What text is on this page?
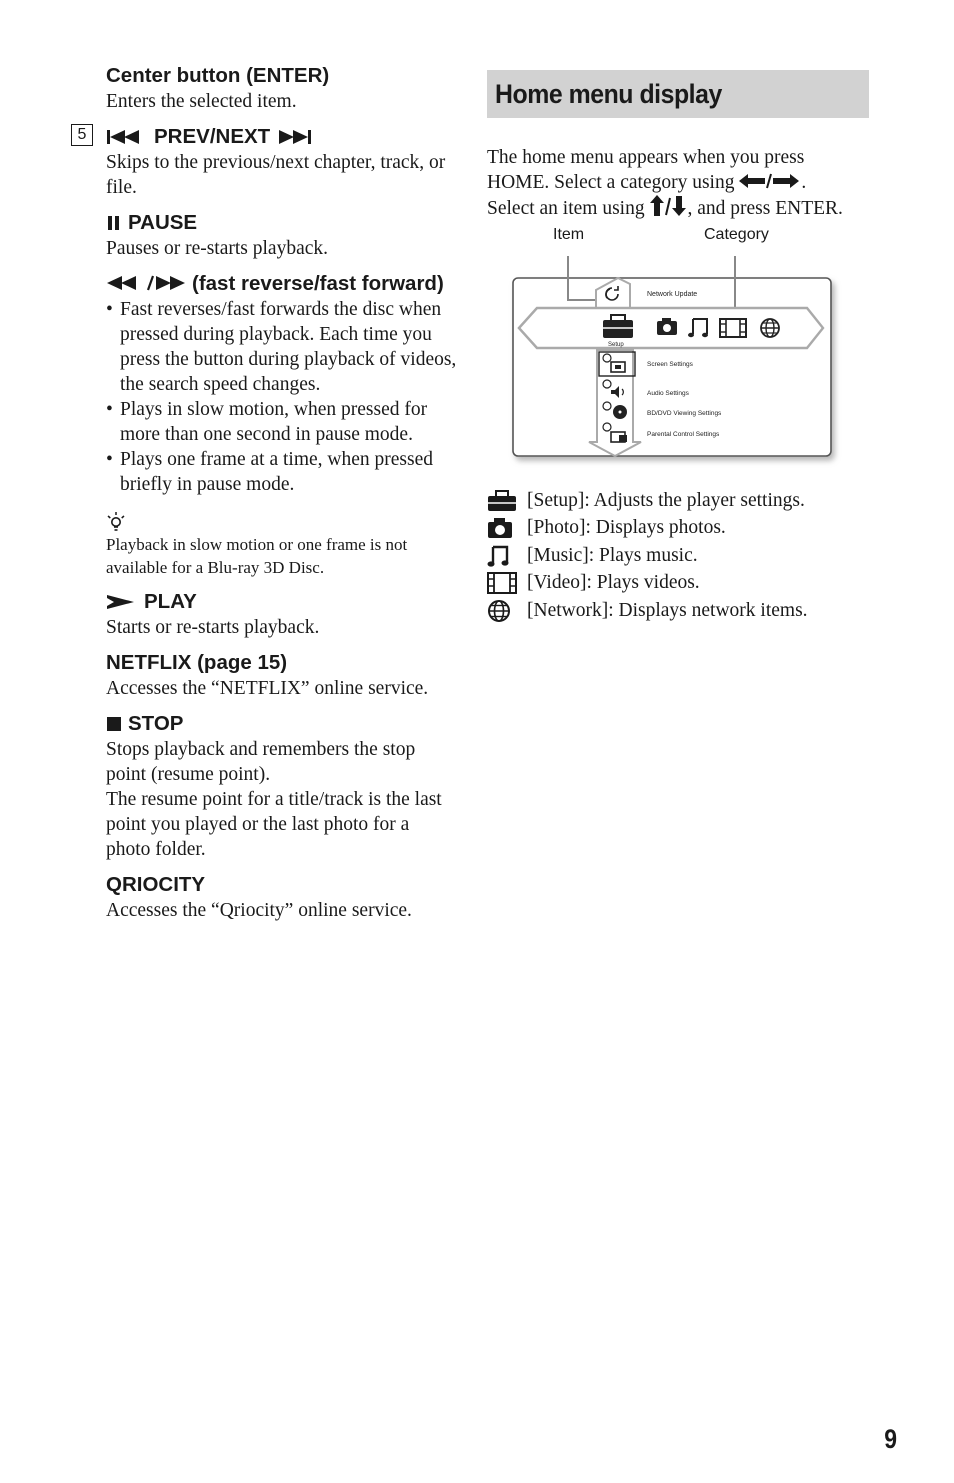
Center button (ENTER)

Enters the selected item.

5	PREV/NEXT

Skips to the previous/next chapter, track, or file.

PAUSE

Pauses or re-starts playback.

(fast reverse/fast forward)

• Fast reverses/fast forwards the disc when pressed during playback. Each time you press the button during playback of videos, the search speed changes.
• Plays in slow motion, when pressed for more than one second in pause mode.
• Plays one frame at a time, when pressed briefly in pause mode.

Playback in slow motion or one frame is not available for a Blu-ray 3D Disc.

PLAY

Starts or re-starts playback.

NETFLIX (page 15)

Accesses the “NETFLIX” online service.

STOP

Stops playback and remembers the stop point (resume point).

The resume point for a title/track is the last point you played or the last photo for a photo folder.

QRIOCITY

Accesses the “Qriocity” online service.

Home menu display
The home menu appears when you press
HOME. Select a category using	.
Select an item using
, and press ENTER.
Item	Category
Network Update
Setup
Screen Settings
Audio Settings
BD/DVD Viewing Settings
Parental Control Settings
[Setup]: Adjusts the player settings.
[Photo]: Displays photos.
[Music]: Plays music.
[Video]: Plays videos.
[Network]: Displays network items.
9
